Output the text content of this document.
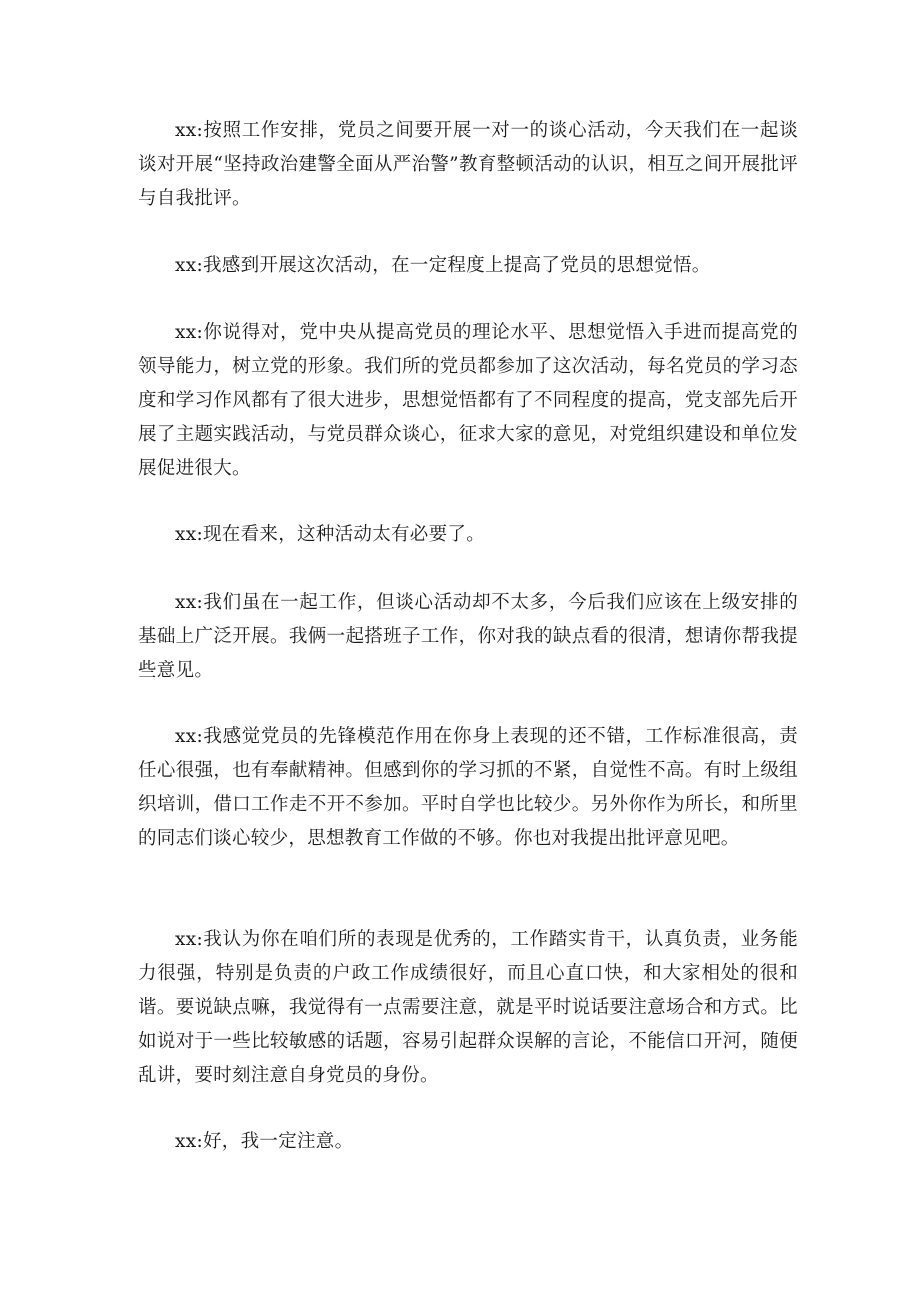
xx:按照工作安排，党员之间要开展一对一的谈心活动，今天我们在一起谈谈对开展“坚持政治建警全面从严治警”教育整顿活动的认识，相互之间开展批评与自我批评。

xx:我感到开展这次活动，在一定程度上提高了党员的思想觉悟。

xx:你说得对，党中央从提高党员的理论水平、思想觉悟入手进而提高党的领导能力，树立党的形象。我们所的党员都参加了这次活动，每名党员的学习态度和学习作风都有了很大进步，思想觉悟都有了不同程度的提高，党支部先后开展了主题实践活动，与党员群众谈心，征求大家的意见，对党组织建设和单位发展促进很大。

xx:现在看来，这种活动太有必要了。

xx:我们虽在一起工作，但谈心活动却不太多，今后我们应该在上级安排的基础上广泛开展。我俩一起搭班子工作，你对我的缺点看的很清，想请你帮我提些意见。

xx:我感觉党员的先锋模范作用在你身上表现的还不错，工作标准很高，责任心很强，也有奉献精神。但感到你的学习抓的不紧，自觉性不高。有时上级组织培训，借口工作走不开不参加。平时自学也比较少。另外你作为所长，和所里的同志们谈心较少，思想教育工作做的不够。你也对我提出批评意见吧。

xx:我认为你在咱们所的表现是优秀的，工作踏实肯干，认真负责，业务能力很强，特别是负责的户政工作成绩很好，而且心直口快，和大家相处的很和谐。要说缺点嘛，我觉得有一点需要注意，就是平时说话要注意场合和方式。比如说对于一些比较敏感的话题，容易引起群众误解的言论，不能信口开河，随便乱讲，要时刻注意自身党员的身份。

xx:好，我一定注意。
